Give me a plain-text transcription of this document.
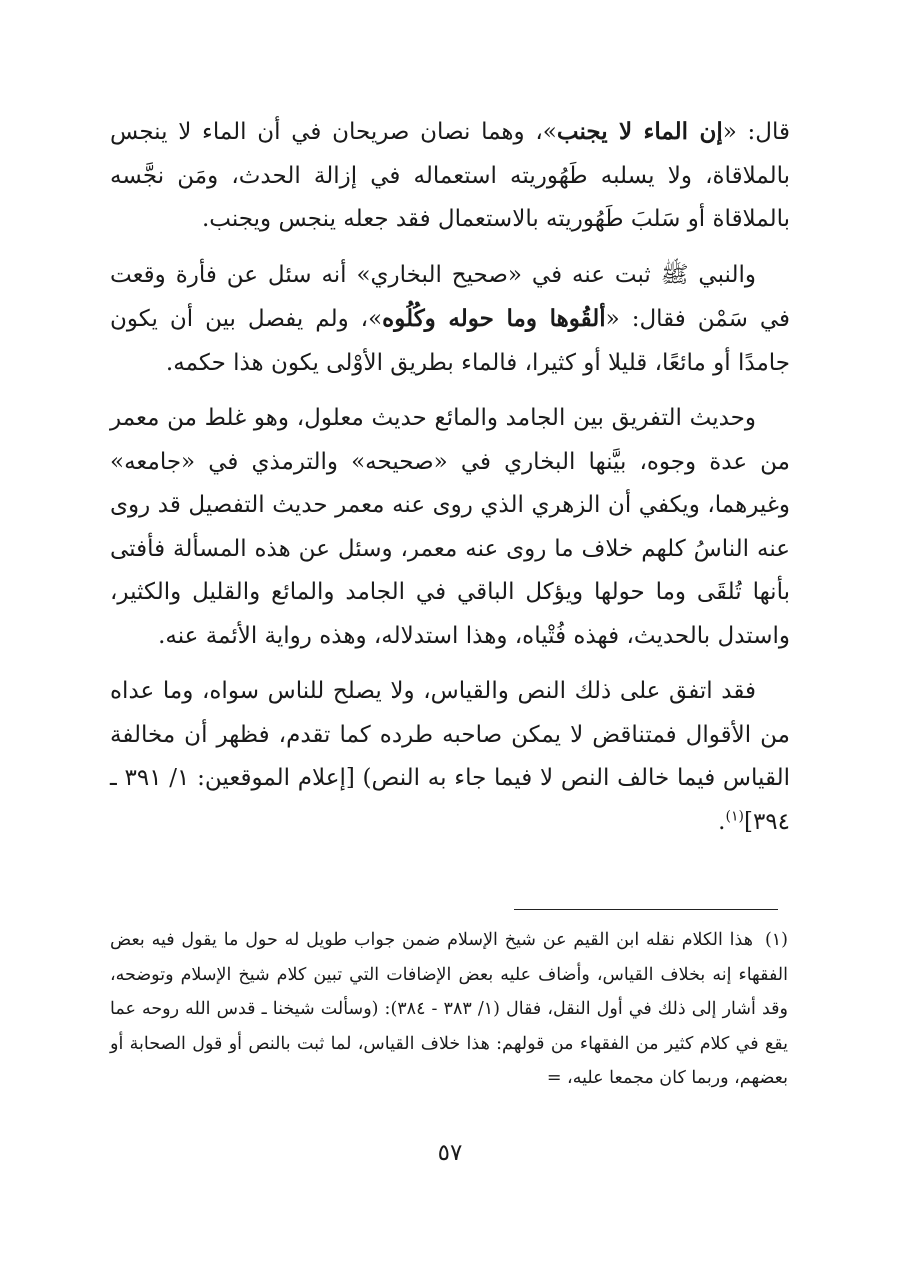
قال: «إن الماء لا يجنب»، وهما نصان صريحان في أن الماء لا ينجس بالملاقاة، ولا يسلبه طَهُوريته استعماله في إزالة الحدث، ومَن نجَّسه بالملاقاة أو سَلبَ طَهُوريته بالاستعمال فقد جعله ينجس ويجنب.

والنبي ﷺ ثبت عنه في «صحيح البخاري» أنه سئل عن فأرة وقعت في سَمْن فقال: «ألقُوها وما حوله وكُلُوه»، ولم يفصل بين أن يكون جامدًا أو مائعًا، قليلا أو كثيرا، فالماء بطريق الأوْلى يكون هذا حكمه.

وحديث التفريق بين الجامد والمائع حديث معلول، وهو غلط من معمر من عدة وجوه، بيَّنها البخاري في «صحيحه» والترمذي في «جامعه» وغيرهما، ويكفي أن الزهري الذي روى عنه معمر حديث التفصيل قد روى عنه الناسُ كلهم خلاف ما روى عنه معمر، وسئل عن هذه المسألة فأفتى بأنها تُلقَى وما حولها ويؤكل الباقي في الجامد والمائع والقليل والكثير، واستدل بالحديث، فهذه فُتْياه، وهذا استدلاله، وهذه رواية الأئمة عنه.

فقد اتفق على ذلك النص والقياس، ولا يصلح للناس سواه، وما عداه من الأقوال فمتناقض لا يمكن صاحبه طرده كما تقدم، فظهر أن مخالفة القياس فيما خالف النص لا فيما جاء به النص) [إعلام الموقعين: ١/ ٣٩١ ـ ٣٩٤]$^{(١)}$.

(١)هذا الكلام نقله ابن القيم عن شيخ الإسلام ضمن جواب طويل له حول ما يقول فيه بعض الفقهاء إنه بخلاف القياس، وأضاف عليه بعض الإضافات التي تبين كلام شيخ الإسلام وتوضحه، وقد أشار إلى ذلك في أول النقل، فقال (١/ ٣٨٣ - ٣٨٤): (وسألت شيخنا ـ قدس الله روحه عما يقع في كلام كثير من الفقهاء من قولهم: هذا خلاف القياس، لما ثبت بالنص أو قول الصحابة أو بعضهم، وربما كان مجمعا عليه، =

٥٧
